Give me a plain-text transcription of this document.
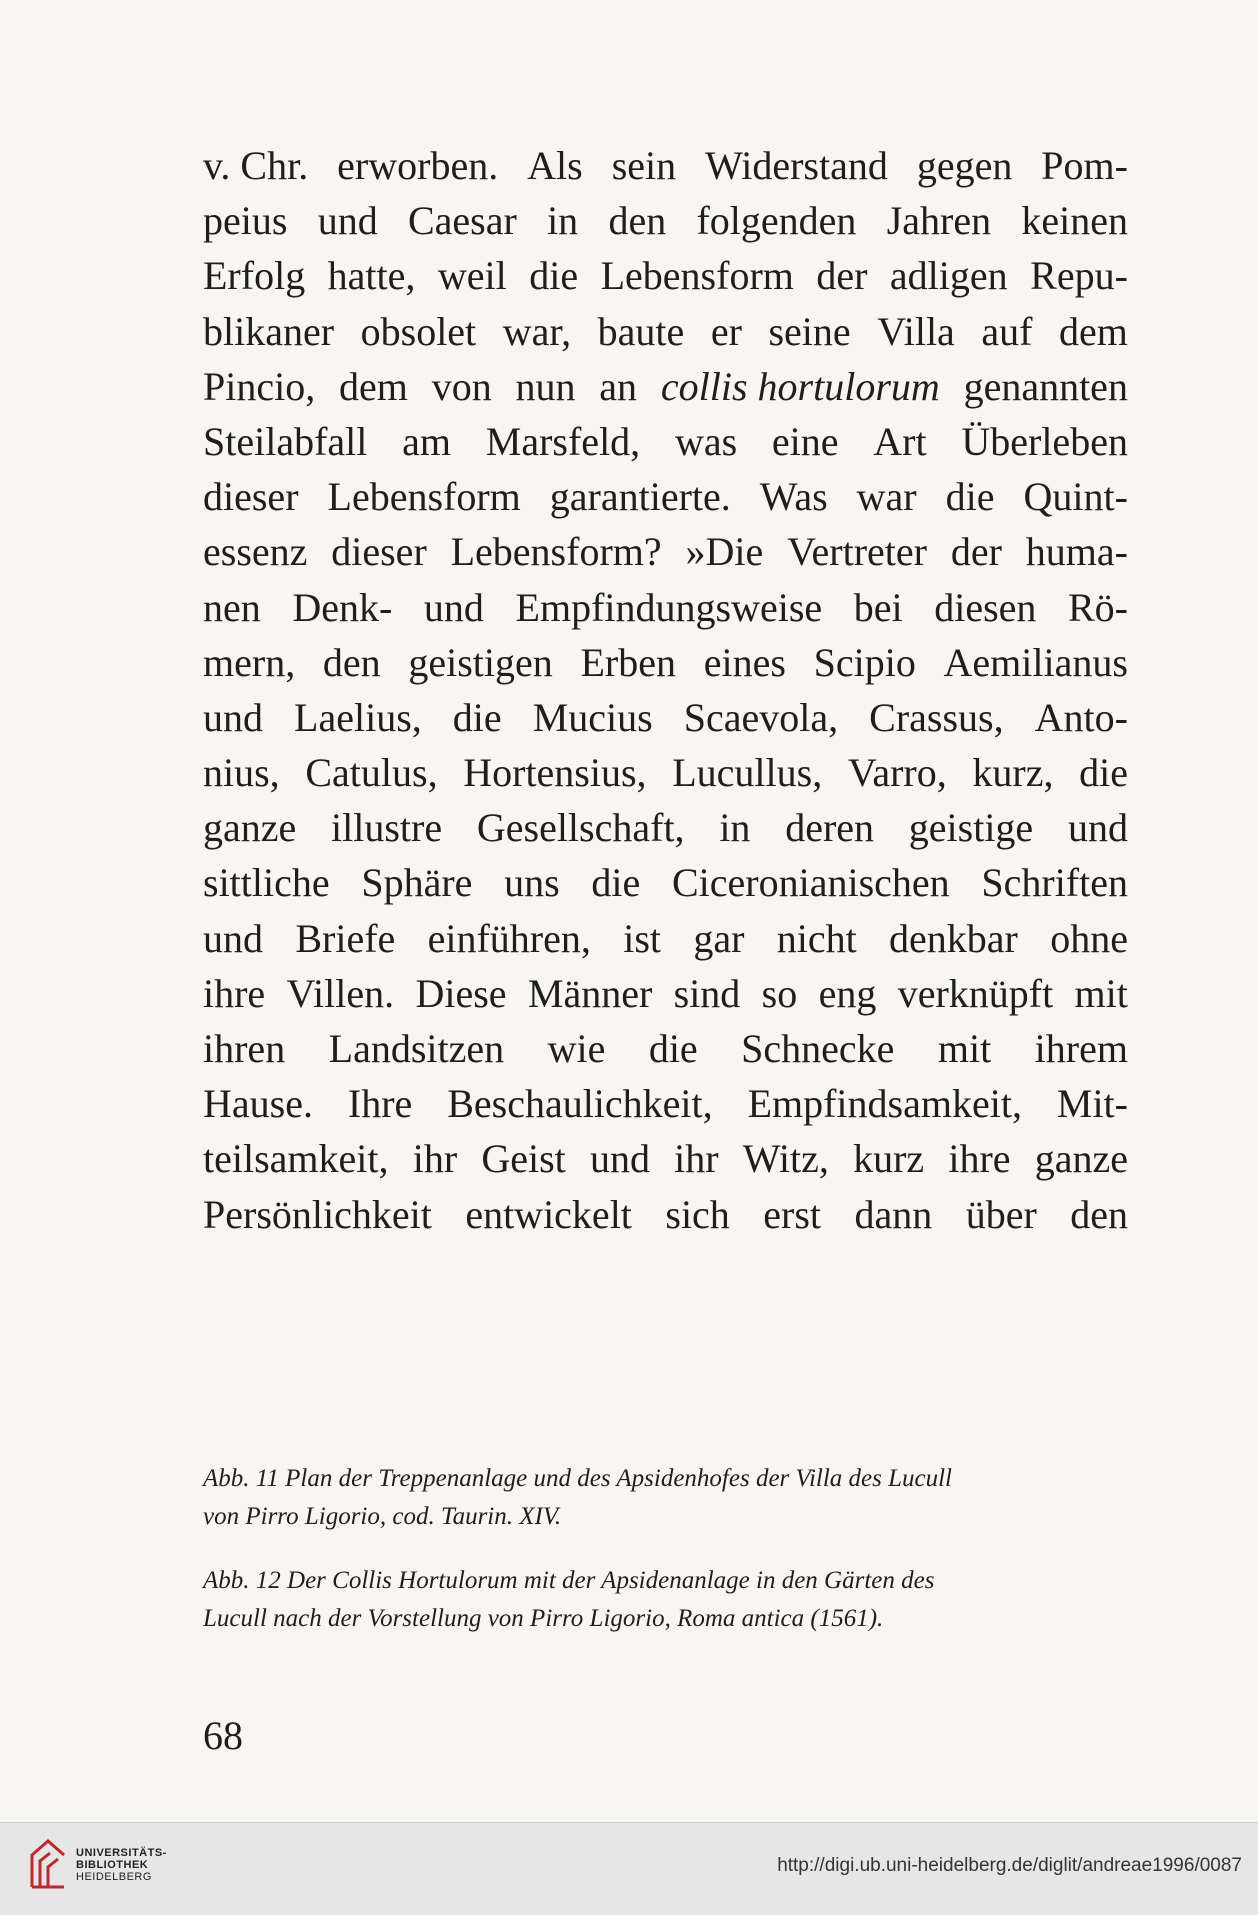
v. Chr. erworben. Als sein Widerstand gegen Pom-
peius und Caesar in den folgenden Jahren keinen
Erfolg hatte, weil die Lebensform der adligen Repu-
blikaner obsolet war, baute er seine Villa auf dem
Pincio, dem von nun an collis hortulorum genannten
Steilabfall am Marsfeld, was eine Art Überleben
dieser Lebensform garantierte. Was war die Quint-
essenz dieser Lebensform? »Die Vertreter der huma-
nen Denk- und Empfindungsweise bei diesen Rö-
mern, den geistigen Erben eines Scipio Aemilianus
und Laelius, die Mucius Scaevola, Crassus, Anto-
nius, Catulus, Hortensius, Lucullus, Varro, kurz, die
ganze illustre Gesellschaft, in deren geistige und
sittliche Sphäre uns die Ciceronianischen Schriften
und Briefe einführen, ist gar nicht denkbar ohne
ihre Villen. Diese Männer sind so eng verknüpft mit
ihren Landsitzen wie die Schnecke mit ihrem
Hause. Ihre Beschaulichkeit, Empfindsamkeit, Mit-
teilsamkeit, ihr Geist und ihr Witz, kurz ihre ganze
Persönlichkeit entwickelt sich erst dann über den
Abb. 11 Plan der Treppenanlage und des Apsidenhofes der Villa des Lucull
von Pirro Ligorio, cod. Taurin. XIV.
Abb. 12 Der Collis Hortulorum mit der Apsidenanlage in den Gärten des
Lucull nach der Vorstellung von Pirro Ligorio, Roma antica (1561).
68
UNIVERSITÄTS-
BIBLIOTHEK
HEIDELBERG
http://digi.ub.uni-heidelberg.de/diglit/andreae1996/0087
